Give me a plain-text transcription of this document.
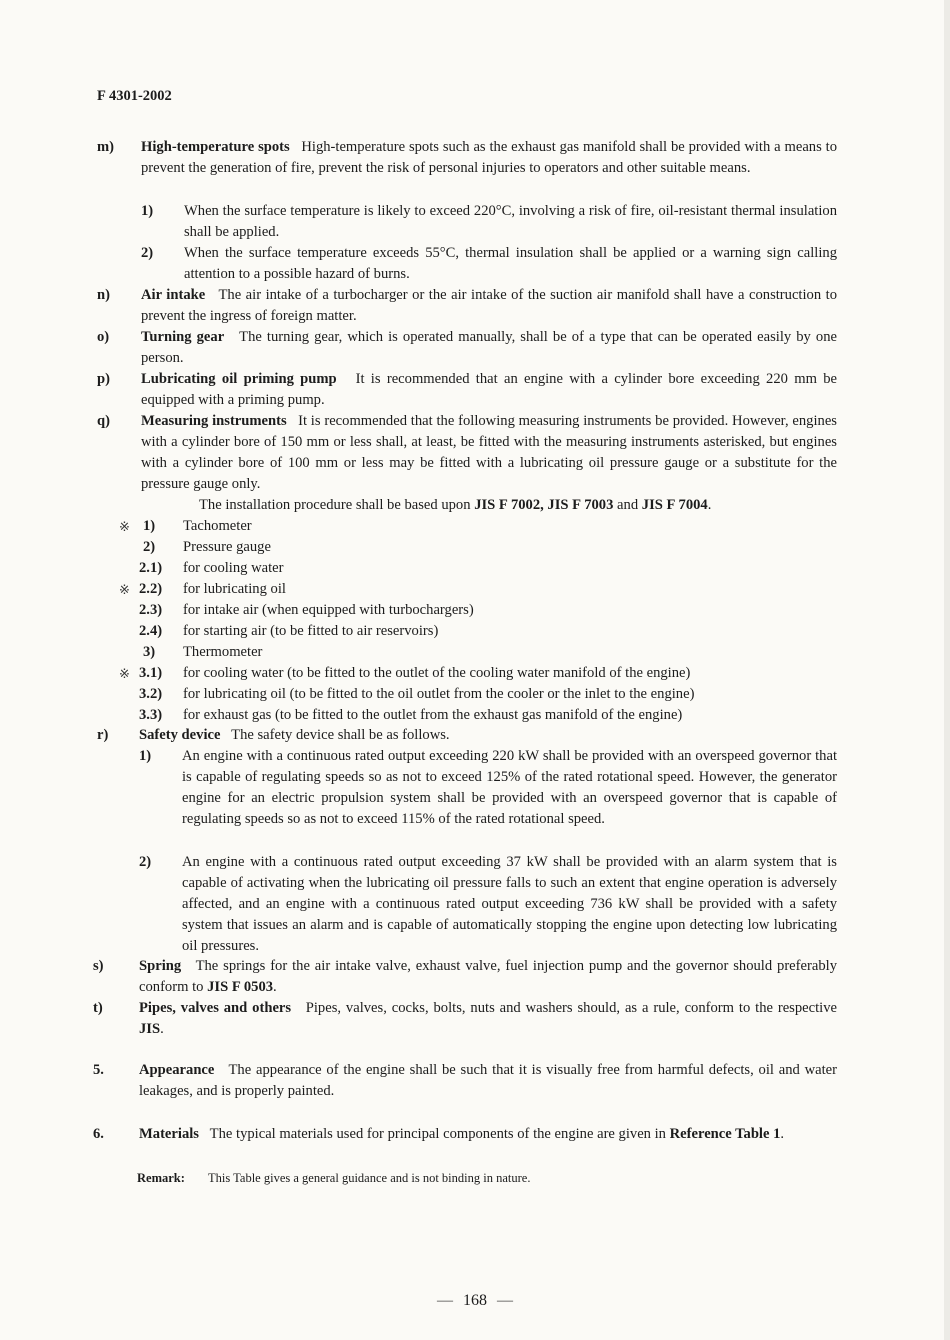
F 4301-2002
m) High-temperature spots High-temperature spots such as the exhaust gas manifold shall be provided with a means to prevent the generation of fire, prevent the risk of personal injuries to operators and other suitable means.
1) When the surface temperature is likely to exceed 220°C, involving a risk of fire, oil-resistant thermal insulation shall be applied.
2) When the surface temperature exceeds 55°C, thermal insulation shall be applied or a warning sign calling attention to a possible hazard of burns.
n) Air intake The air intake of a turbocharger or the air intake of the suction air manifold shall have a construction to prevent the ingress of foreign matter.
o) Turning gear The turning gear, which is operated manually, shall be of a type that can be operated easily by one person.
p) Lubricating oil priming pump It is recommended that an engine with a cylinder bore exceeding 220 mm be equipped with a priming pump.
q) Measuring instruments It is recommended that the following measuring instruments be provided. However, engines with a cylinder bore of 150 mm or less shall, at least, be fitted with the measuring instruments asterisked, but engines with a cylinder bore of 100 mm or less may be fitted with a lubricating oil pressure gauge or a substitute for the pressure gauge only.
The installation procedure shall be based upon JIS F 7002, JIS F 7003 and JIS F 7004.
※ 1) Tachometer
2) Pressure gauge
2.1) for cooling water
※ 2.2) for lubricating oil
2.3) for intake air (when equipped with turbochargers)
2.4) for starting air (to be fitted to air reservoirs)
3) Thermometer
※ 3.1) for cooling water (to be fitted to the outlet of the cooling water manifold of the engine)
3.2) for lubricating oil (to be fitted to the oil outlet from the cooler or the inlet to the engine)
3.3) for exhaust gas (to be fitted to the outlet from the exhaust gas manifold of the engine)
r) Safety device The safety device shall be as follows.
1) An engine with a continuous rated output exceeding 220 kW shall be provided with an overspeed governor that is capable of regulating speeds so as not to exceed 125% of the rated rotational speed. However, the generator engine for an electric propulsion system shall be provided with an overspeed governor that is capable of regulating speeds so as not to exceed 115% of the rated rotational speed.
2) An engine with a continuous rated output exceeding 37 kW shall be provided with an alarm system that is capable of activating when the lubricating oil pressure falls to such an extent that engine operation is adversely affected, and an engine with a continuous rated output exceeding 736 kW shall be provided with a safety system that issues an alarm and is capable of automatically stopping the engine upon detecting low lubricating oil pressures.
s) Spring The springs for the air intake valve, exhaust valve, fuel injection pump and the governor should preferably conform to JIS F 0503.
t) Pipes, valves and others Pipes, valves, cocks, bolts, nuts and washers should, as a rule, conform to the respective JIS.
5. Appearance The appearance of the engine shall be such that it is visually free from harmful defects, oil and water leakages, and is properly painted.
6. Materials The typical materials used for principal components of the engine are given in Reference Table 1.
Remark: This Table gives a general guidance and is not binding in nature.
— 168 —
